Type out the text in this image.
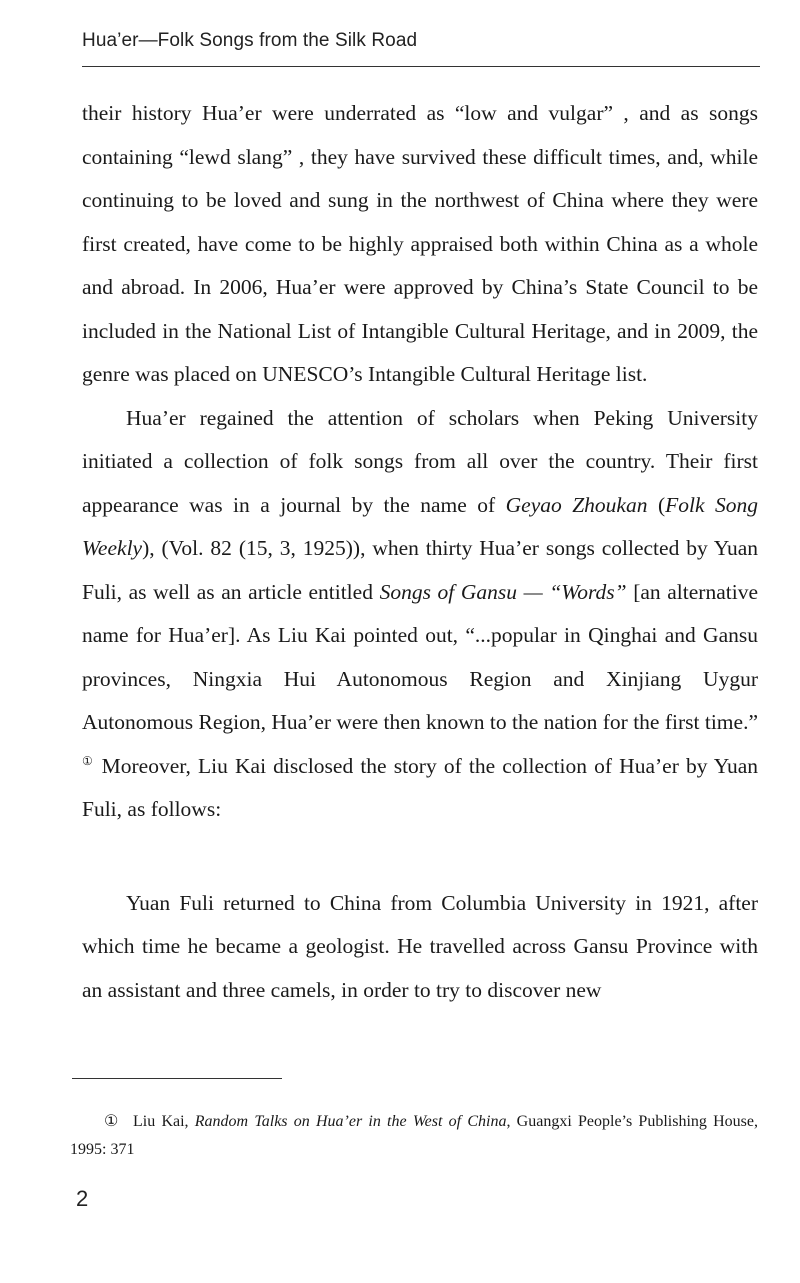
Hua’er—Folk Songs from the Silk Road

their history Hua’er were underrated as “low and vulgar” , and as songs containing “lewd slang” , they have survived these difficult times, and, while continuing to be loved and sung in the northwest of China where they were first created, have come to be highly appraised both within China as a whole and abroad. In 2006, Hua’er were approved by China’s State Council to be included in the National List of Intangible Cultural Heritage, and in 2009, the genre was placed on UNESCO’s Intangible Cultural Heritage list.

Hua’er regained the attention of scholars when Peking University initiated a collection of folk songs from all over the country. Their first appearance was in a journal by the name of Geyao Zhoukan (Folk Song Weekly), (Vol. 82 (15, 3, 1925)), when thirty Hua’er songs collected by Yuan Fuli, as well as an article entitled Songs of Gansu — “Words” [an alternative name for Hua’er]. As Liu Kai pointed out, “...popular in Qinghai and Gansu provinces, Ningxia Hui Autonomous Region and Xinjiang Uygur Autonomous Region, Hua’er were then known to the nation for the first time.” ① Moreover, Liu Kai disclosed the story of the collection of Hua’er by Yuan Fuli, as follows:

Yuan Fuli returned to China from Columbia University in 1921, after which time he became a geologist. He travelled across Gansu Province with an assistant and three camels, in order to try to discover new

① Liu Kai, Random Talks on Hua’er in the West of China, Guangxi People’s Publishing House, 1995: 371
2
